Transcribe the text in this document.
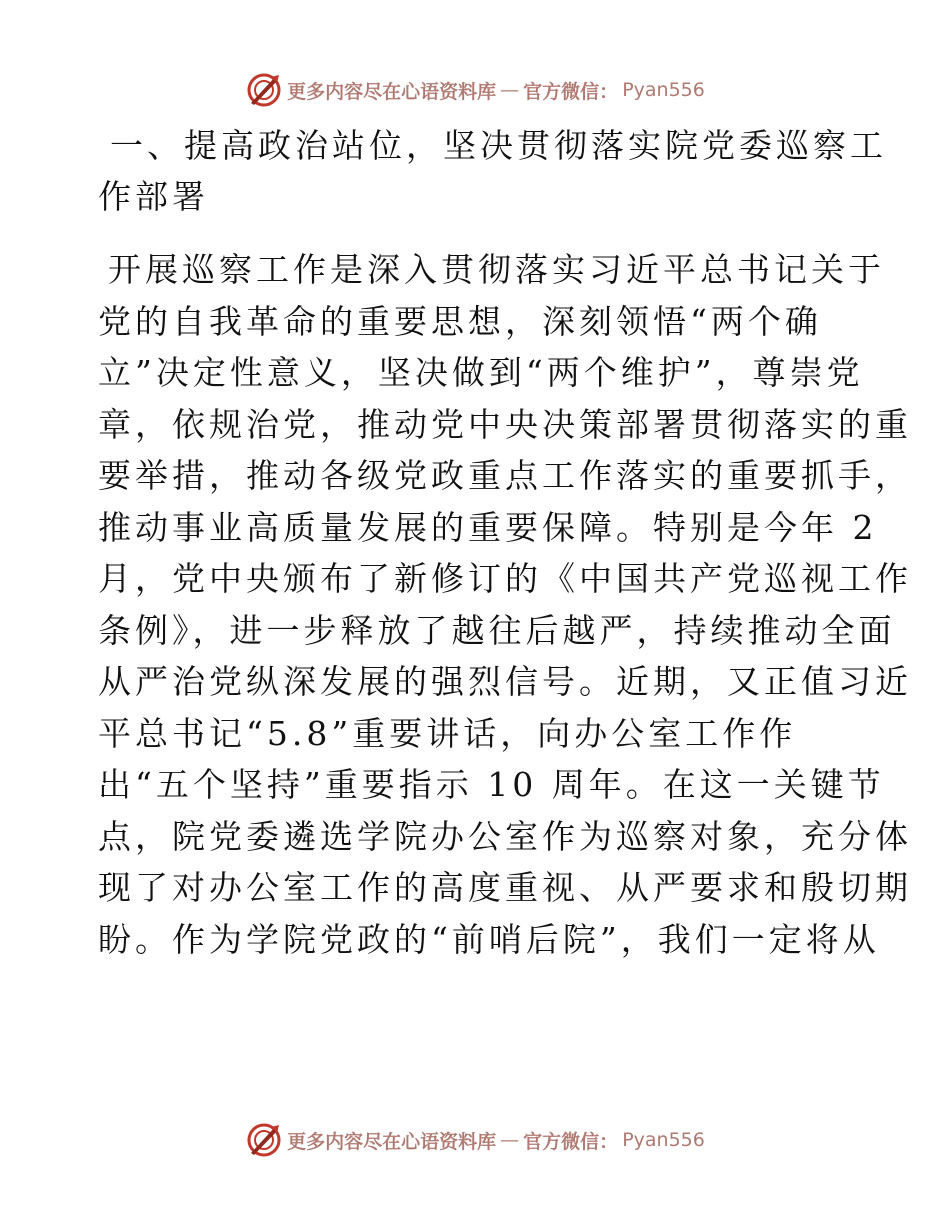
更多内容尽在心语资料库 — 官方微信： Pyan556
一、提高政治站位，坚决贯彻落实院党委巡察工
作部署
开展巡察工作是深入贯彻落实习近平总书记关于
党的自我革命的重要思想，深刻领悟“两个确
立”决定性意义，坚决做到“两个维护”，尊崇党
章，依规治党，推动党中央决策部署贯彻落实的重
要举措，推动各级党政重点工作落实的重要抓手，
推动事业高质量发展的重要保障。特别是今年 2
月，党中央颁布了新修订的《中国共产党巡视工作
条例》，进一步释放了越往后越严，持续推动全面
从严治党纵深发展的强烈信号。近期，又正值习近
平总书记“5.8”重要讲话，向办公室工作作
出“五个坚持”重要指示 10 周年。在这一关键节
点，院党委遴选学院办公室作为巡察对象，充分体
现了对办公室工作的高度重视、从严要求和殷切期
盼。作为学院党政的“前哨后院”，我们一定将从
更多内容尽在心语资料库 — 官方微信： Pyan556
